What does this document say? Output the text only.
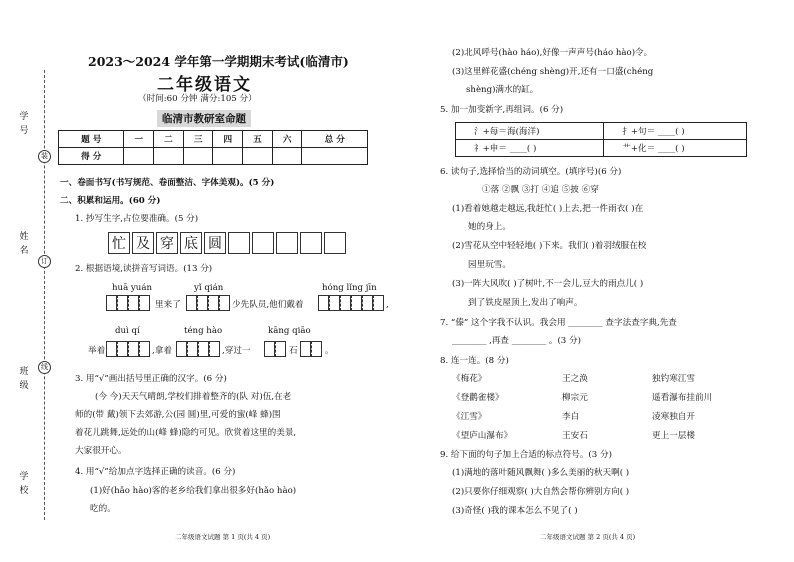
学号
姓名
班级
学校
装
订
线
2023～2024 学年第一学期期末考试(临清市)
二年级语文
（时间:60 分钟 满分:105 分）
临清市教研室命题
题 号	一	二	三	四	五	六	总 分
得 分							
一、卷面书写(书写规范、卷面整洁、字体美观)。(5 分)
二、积累和运用。(60 分)
1. 抄写生字,占位要准确。(5 分)
忙 及 穿 底 圆
2. 根据语境,读拼音写词语。(13 分)
huā yuán	yǐ qián	hóng lǐng jīn
里来了	少先队员,他们戴着	,
duì qí	téng hào	kāng qiāo
举着	,拿着	,穿过一	石	。
3. 用“√”画出括号里正确的汉字。(6 分)
(今 今)天天气晴朗,学校们排着整齐的(队 对)伍,在老
师的(带 戴)领下去郊游,公(园 圆)里,可爱的蜜(峰 蜂)围
着花儿跳舞,远处的山(峰 蜂)隐约可见。欣赏着这里的美景,
大家很开心。
4. 用“√”给加点字选择正确的读音。(6 分)
(1)好(hǎo hào)客的老乡给我们拿出很多好(hǎo hào)
吃的。
二年级语文试题 第 1 页(共 4 页)
(2)北风呼号(hào háo),好像一声声号(háo hào)令。
(3)这里鲜花盛(chéng shèng)开,还有一口盛(chéng
shèng)满水的缸。
5. 加一加变新字,再组词。(6 分)
氵+每＝海(海洋)	扌+句＝ ____( )
礻+申＝ ____( )	艹+化＝ ____( )
6. 读句子,选择恰当的动词填空。(填序号)(6 分)
①落 ②飘 ③打 ④追 ⑤披 ⑥穿
(1)看着她越走越远,我赶忙( )上去,把一件雨衣( )在
她的身上。
(2)雪花从空中轻轻地( )下来。我们( )着羽绒服在校
园里玩雪。
(3)一阵大风吹( )了树叶,不一会儿,豆大的雨点儿( )
到了铁皮屋顶上,发出了响声。
7. “傣” 这个字我不认识。我会用 ________ 查字法查字典,先查
________ ,再查 ________ 。(3 分)
8. 连一连。(8 分)
《梅花》	王之涣	独钓寒江雪
《登鹳雀楼》	柳宗元	遥看瀑布挂前川
《江雪》	李白	凌寒独自开
《望庐山瀑布》	王安石	更上一层楼
9. 给下面的句子加上合适的标点符号。(3 分)
(1)满地的落叶随风飘舞( )多么美丽的秋天啊( )
(2)只要你仔细观察( )大自然会帮你辨别方向( )
(3)奇怪( )我的课本怎么不见了( )
二年级语文试题 第 2 页(共 4 页)
